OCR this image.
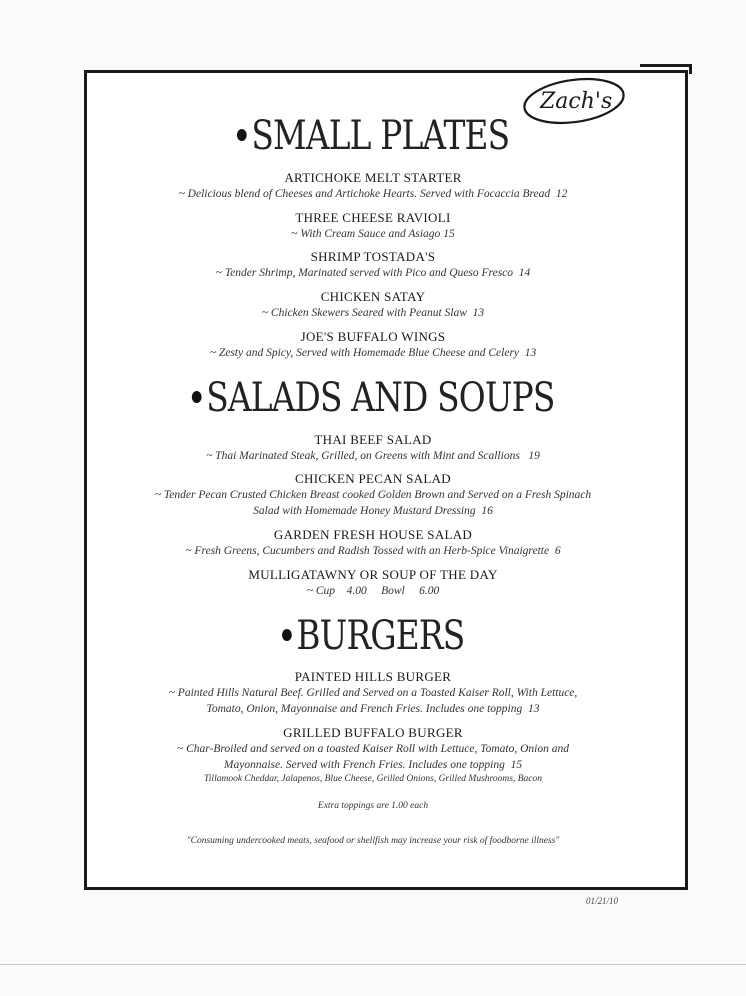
Zach's
SMALL PLATES
ARTICHOKE MELT STARTER
~ Delicious blend of Cheeses and Artichoke Hearts. Served with Focaccia Bread 12
THREE CHEESE RAVIOLI
~ With Cream Sauce and Asiago 15
SHRIMP TOSTADA'S
~ Tender Shrimp, Marinated served with Pico and Queso Fresco 14
CHICKEN SATAY
~ Chicken Skewers Seared with Peanut Slaw 13
JOE'S BUFFALO WINGS
~ Zesty and Spicy, Served with Homemade Blue Cheese and Celery 13
SALADS AND SOUPS
THAI BEEF SALAD
~ Thai Marinated Steak, Grilled, on Greens with Mint and Scallions 19
CHICKEN PECAN SALAD
~ Tender Pecan Crusted Chicken Breast cooked Golden Brown and Served on a Fresh Spinach
Salad with Homemade Honey Mustard Dressing 16
GARDEN FRESH HOUSE SALAD
~ Fresh Greens, Cucumbers and Radish Tossed with an Herb-Spice Vinaigrette 6
MULLIGATAWNY OR SOUP OF THE DAY
~ Cup 4.00 Bowl 6.00
BURGERS
PAINTED HILLS BURGER
~ Painted Hills Natural Beef. Grilled and Served on a Toasted Kaiser Roll, With Lettuce,
Tomato, Onion, Mayonnaise and French Fries. Includes one topping 13
GRILLED BUFFALO BURGER
~ Char-Broiled and served on a toasted Kaiser Roll with Lettuce, Tomato, Onion and
Mayonnaise. Served with French Fries. Includes one topping 15
Tillamook Cheddar, Jalapenos, Blue Cheese, Grilled Onions, Grilled Mushrooms, Bacon
Extra toppings are 1.00 each
"Consuming undercooked meats, seafood or shellfish may increase your risk of foodborne illness"
01/21/10
